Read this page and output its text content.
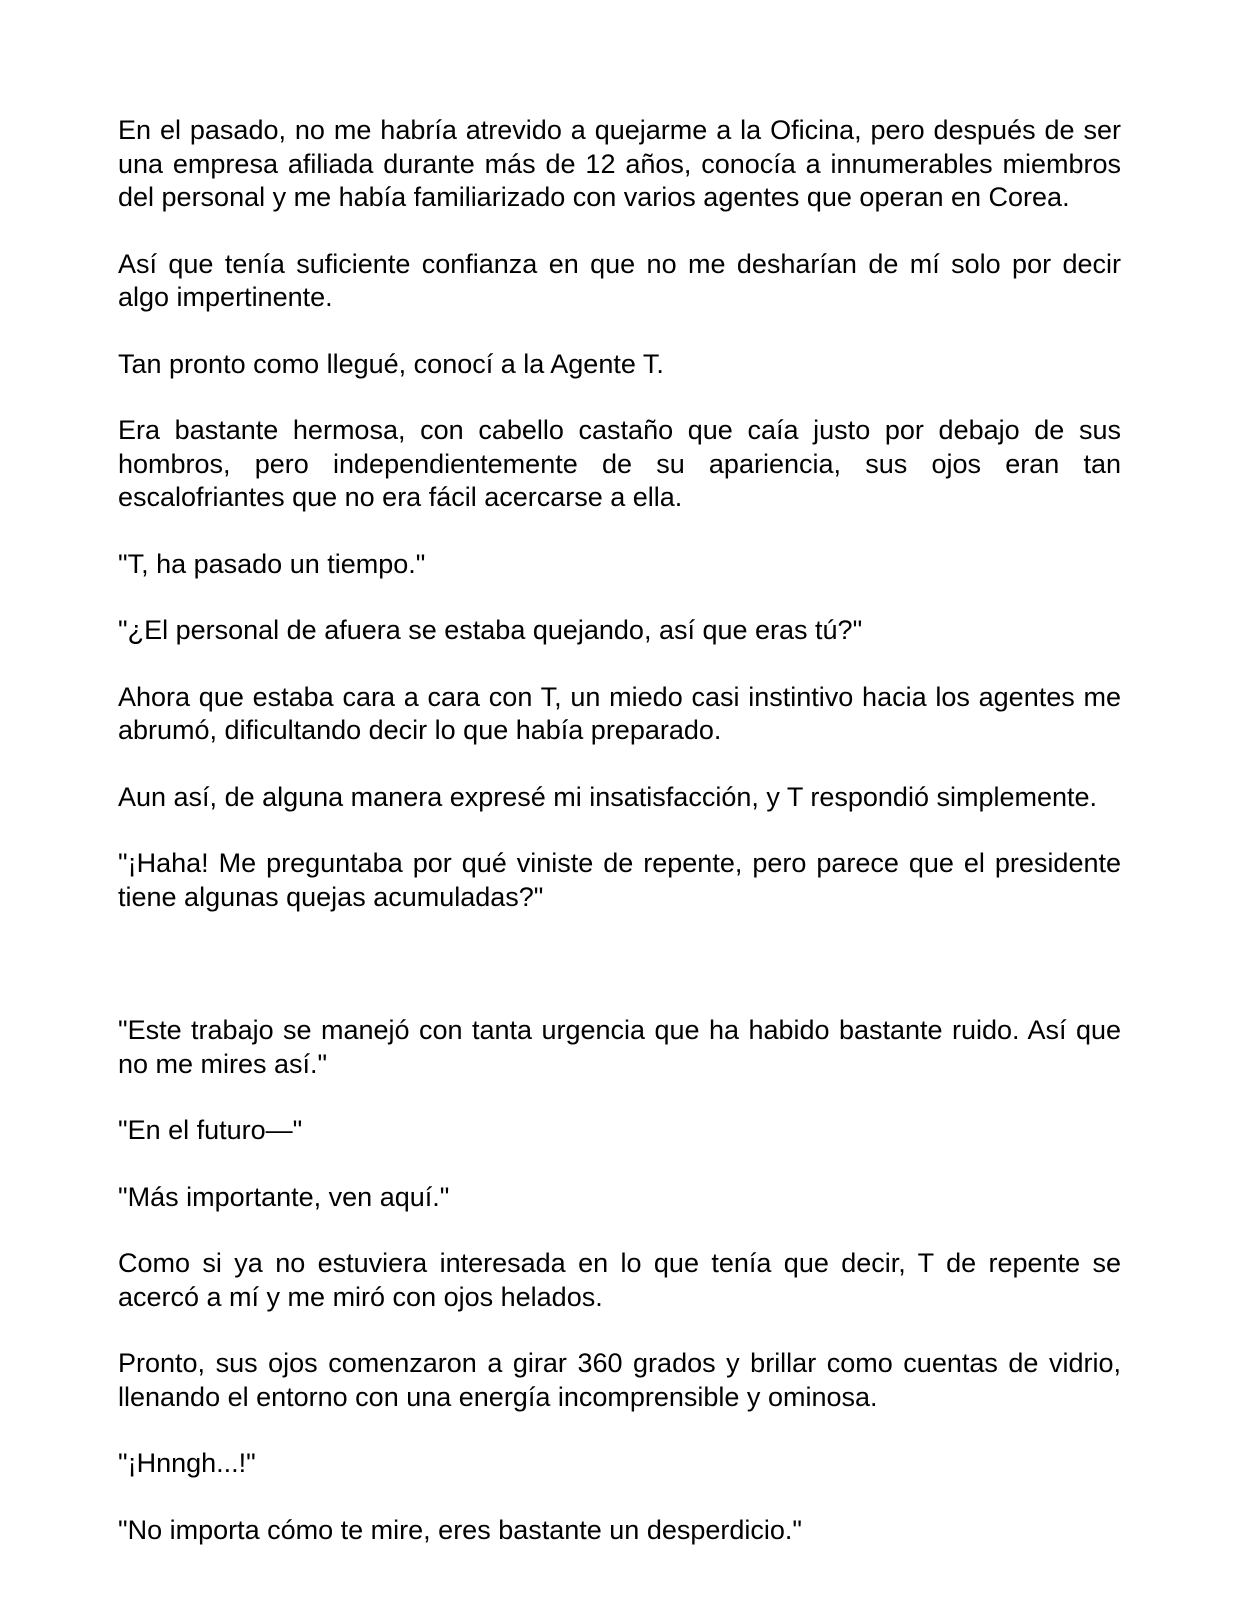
En el pasado, no me habría atrevido a quejarme a la Oficina, pero después de ser una empresa afiliada durante más de 12 años, conocía a innumerables miembros del personal y me había familiarizado con varios agentes que operan en Corea.

Así que tenía suficiente confianza en que no me desharían de mí solo por decir algo impertinente.

Tan pronto como llegué, conocí a la Agente T.

Era bastante hermosa, con cabello castaño que caía justo por debajo de sus hombros, pero independientemente de su apariencia, sus ojos eran tan escalofriantes que no era fácil acercarse a ella.

"T, ha pasado un tiempo."

"¿El personal de afuera se estaba quejando, así que eras tú?"

Ahora que estaba cara a cara con T, un miedo casi instintivo hacia los agentes me abrumó, dificultando decir lo que había preparado.

Aun así, de alguna manera expresé mi insatisfacción, y T respondió simplemente.

"¡Haha! Me preguntaba por qué viniste de repente, pero parece que el presidente tiene algunas quejas acumuladas?"

"Este trabajo se manejó con tanta urgencia que ha habido bastante ruido. Así que no me mires así."

"En el futuro—"

"Más importante, ven aquí."

Como si ya no estuviera interesada en lo que tenía que decir, T de repente se acercó a mí y me miró con ojos helados.

Pronto, sus ojos comenzaron a girar 360 grados y brillar como cuentas de vidrio, llenando el entorno con una energía incomprensible y ominosa.

"¡Hnngh...!"

"No importa cómo te mire, eres bastante un desperdicio."
